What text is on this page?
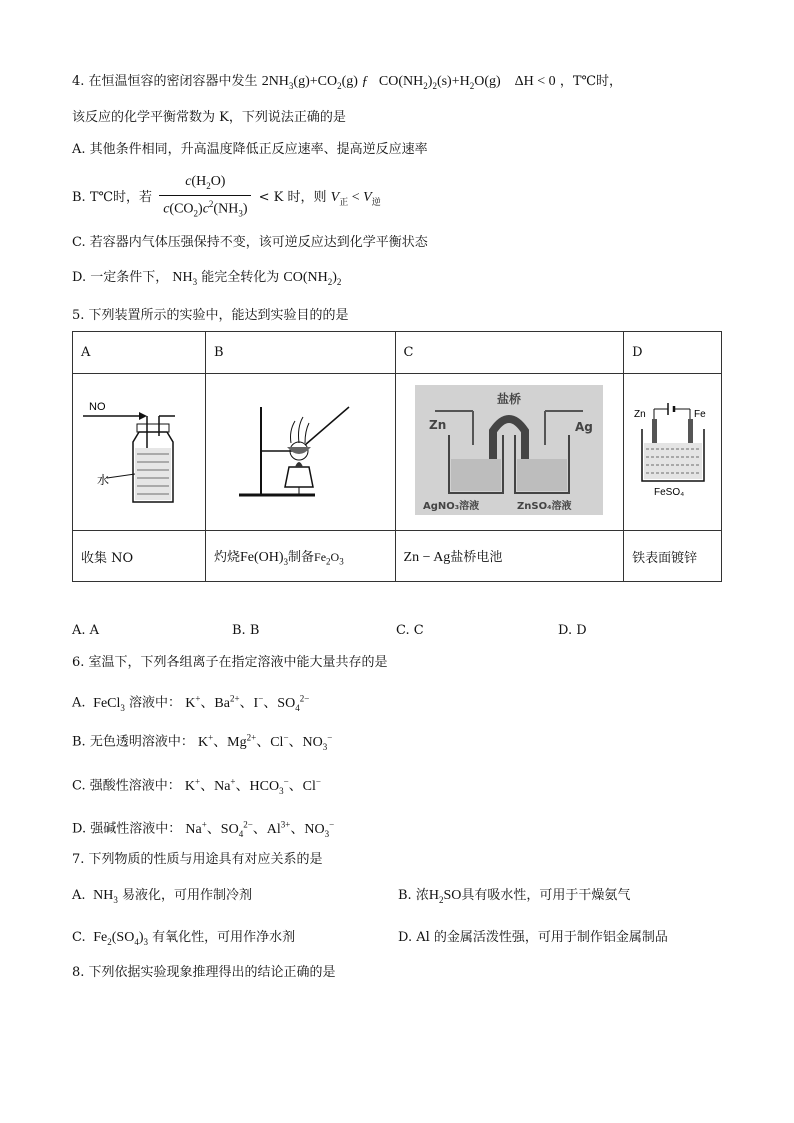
4. 在恒温恒容的密闭容器中发生 $2NH_3(g)+CO_2(g)$ ƒ   $CO(NH_2)_2(s)+H_2O(g)$    ΔH < 0 ，T℃时，
该反应的化学平衡常数为 K，下列说法正确的是
A. 其他条件相同，升高温度降低正反应速率、提高逆反应速率
B. T℃时，若 $\frac{c(H_2O)}{c(CO_2)c^2(NH_3)} < K$ 时，则 $V_正 < V_逆$
C. 若容器内气体压强保持不变，该可逆反应达到化学平衡状态
D. 一定条件下， $NH_3$ 能完全转化为 $CO(NH_2)_2$
5. 下列装置所示的实验中，能达到实验目的的是
A	B	C	D

NO
水		盐桥
Zn Ag
AgNO₃溶液 ZnSO₄溶液	Zn Fe
FeSO₄

收集 NO	灼烧$Fe(OH)_3$制备$Fe_2O_3$	Zn − Ag盐桥电池	铁表面镀锌
A. A	B. B	C. C	D. D
6. 室温下，下列各组离子在指定溶液中能大量共存的是
A.  FeCl$_3$ 溶液中： K+、$Ba^{2+}$、I−、$SO_4^{2-}$
B. 无色透明溶液中： K+、$Mg^{2+}$、Cl−、$NO_3^-$
C. 强酸性溶液中： K+、Na+、$HCO_3^-$、Cl−
D. 强碱性溶液中： Na+、$SO_4^{2-}$、$Al^{3+}$、$NO_3^-$
7. 下列物质的性质与用途具有对应关系的是
A.  $NH_3$ 易液化，可用作制冷剂	B. 浓$H_2SO$具有吸水性，可用于干燥氨气
C.  $Fe_2(SO_4)_3$ 有氧化性，可用作净水剂	D. Al 的金属活泼性强，可用于制作铝金属制品
8. 下列依据实验现象推理得出的结论正确的是
